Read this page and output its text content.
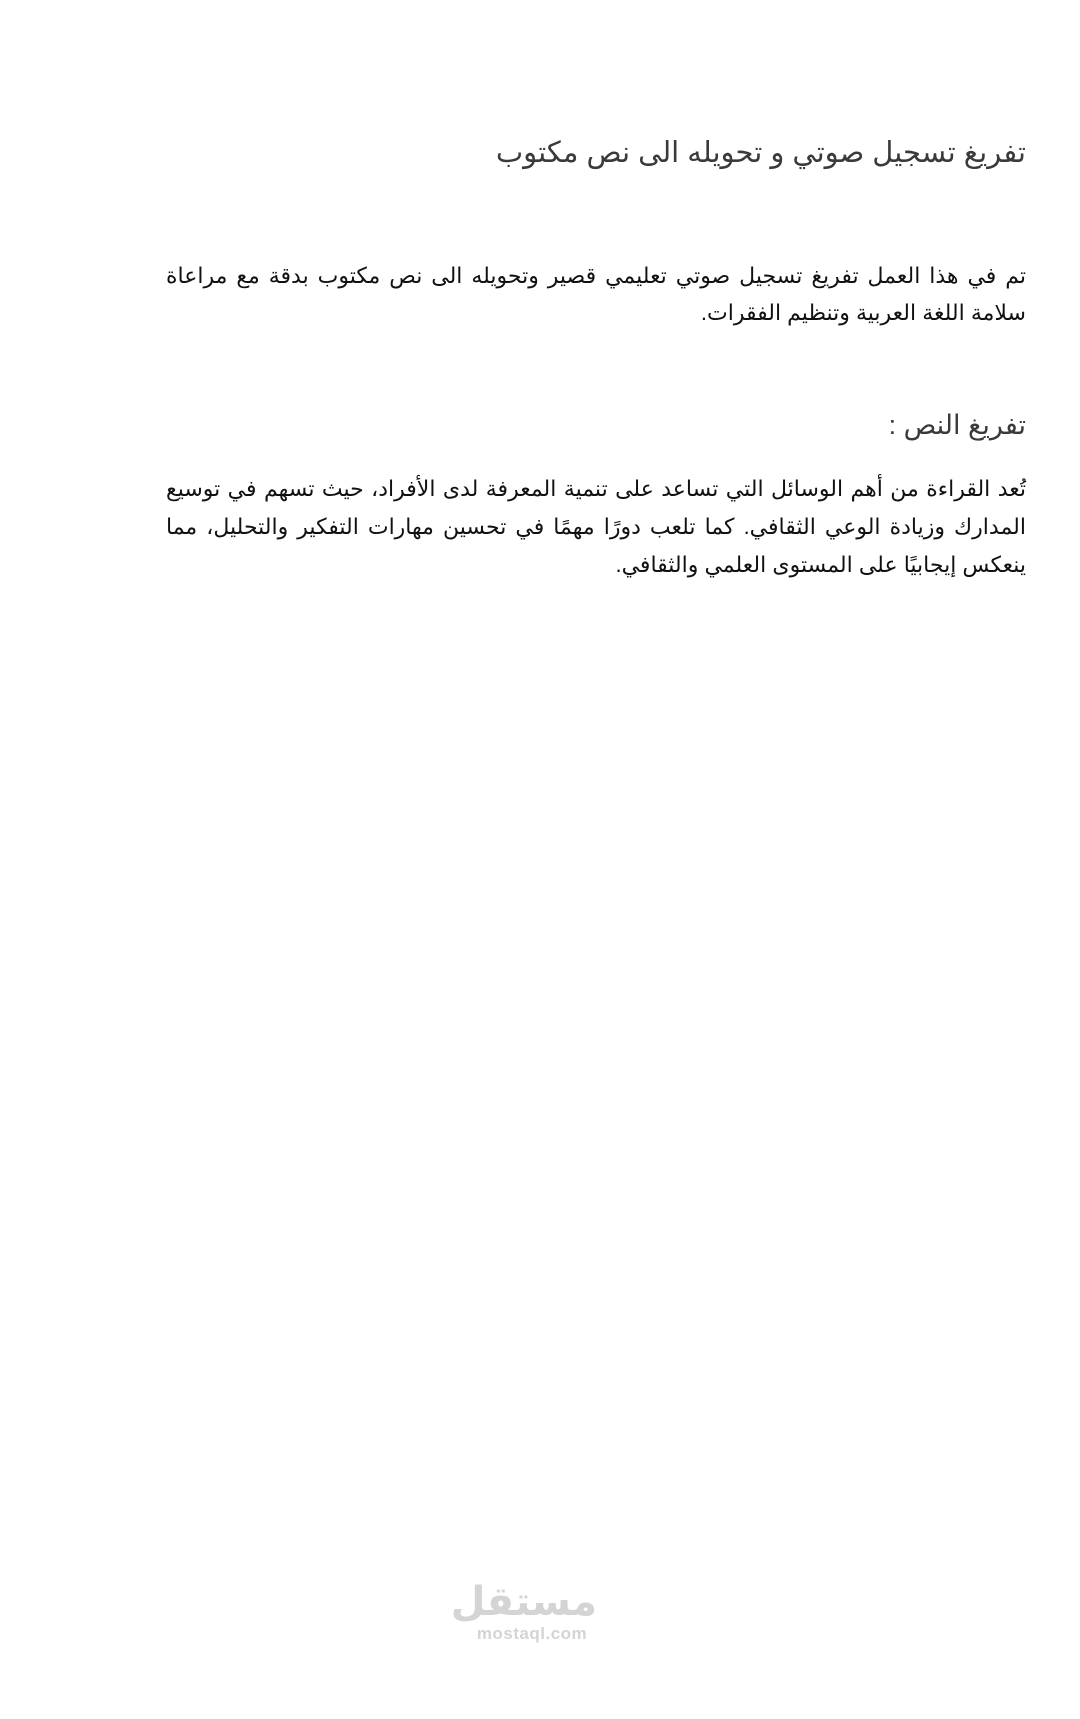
تفريغ تسجيل صوتي و تحويله الى نص مكتوب

تم في هذا العمل تفريغ تسجيل صوتي تعليمي قصير وتحويله الى نص مكتوب بدقة مع مراعاة سلامة اللغة العربية وتنظيم الفقرات.

تفريغ النص :

تُعد القراءة من أهم الوسائل التي تساعد على تنمية المعرفة لدى الأفراد، حيث تسهم في توسيع المدارك وزيادة الوعي الثقافي. كما تلعب دورًا مهمًا في تحسين مهارات التفكير والتحليل، مما ينعكس إيجابيًا على المستوى العلمي والثقافي.

مستقل
mostaql.com
